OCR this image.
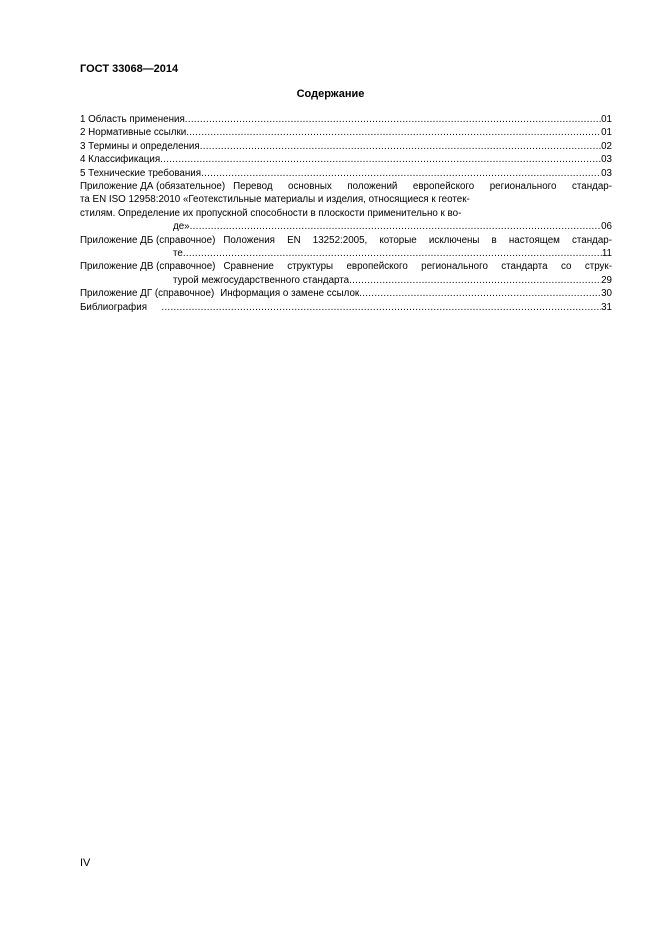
ГОСТ 33068—2014
Содержание
1 Область применения .....	01
2 Нормативные ссылки .....	01
3 Термины и определения .....	02
4 Классификация .....	03
5 Технические требования .....	03
Приложение ДА (обязательное) Перевод основных положений европейского регионального стандар-
та EN ISO 12958:2010 «Геотекстильные материалы и изделия, относящиеся к геотек-
стилям. Определение их пропускной способности в плоскости применительно к во-
де» .....	06
Приложение ДБ (справочное) Положения EN 13252:2005, которые исключены в настоящем стандар-
те .....	11
Приложение ДВ (справочное) Сравнение структуры европейского регионального стандарта со струк-
турой межгосударственного стандарта .....	29
Приложение ДГ (справочное) Информация о замене ссылок .....	30
Библиография .....	31
IV
